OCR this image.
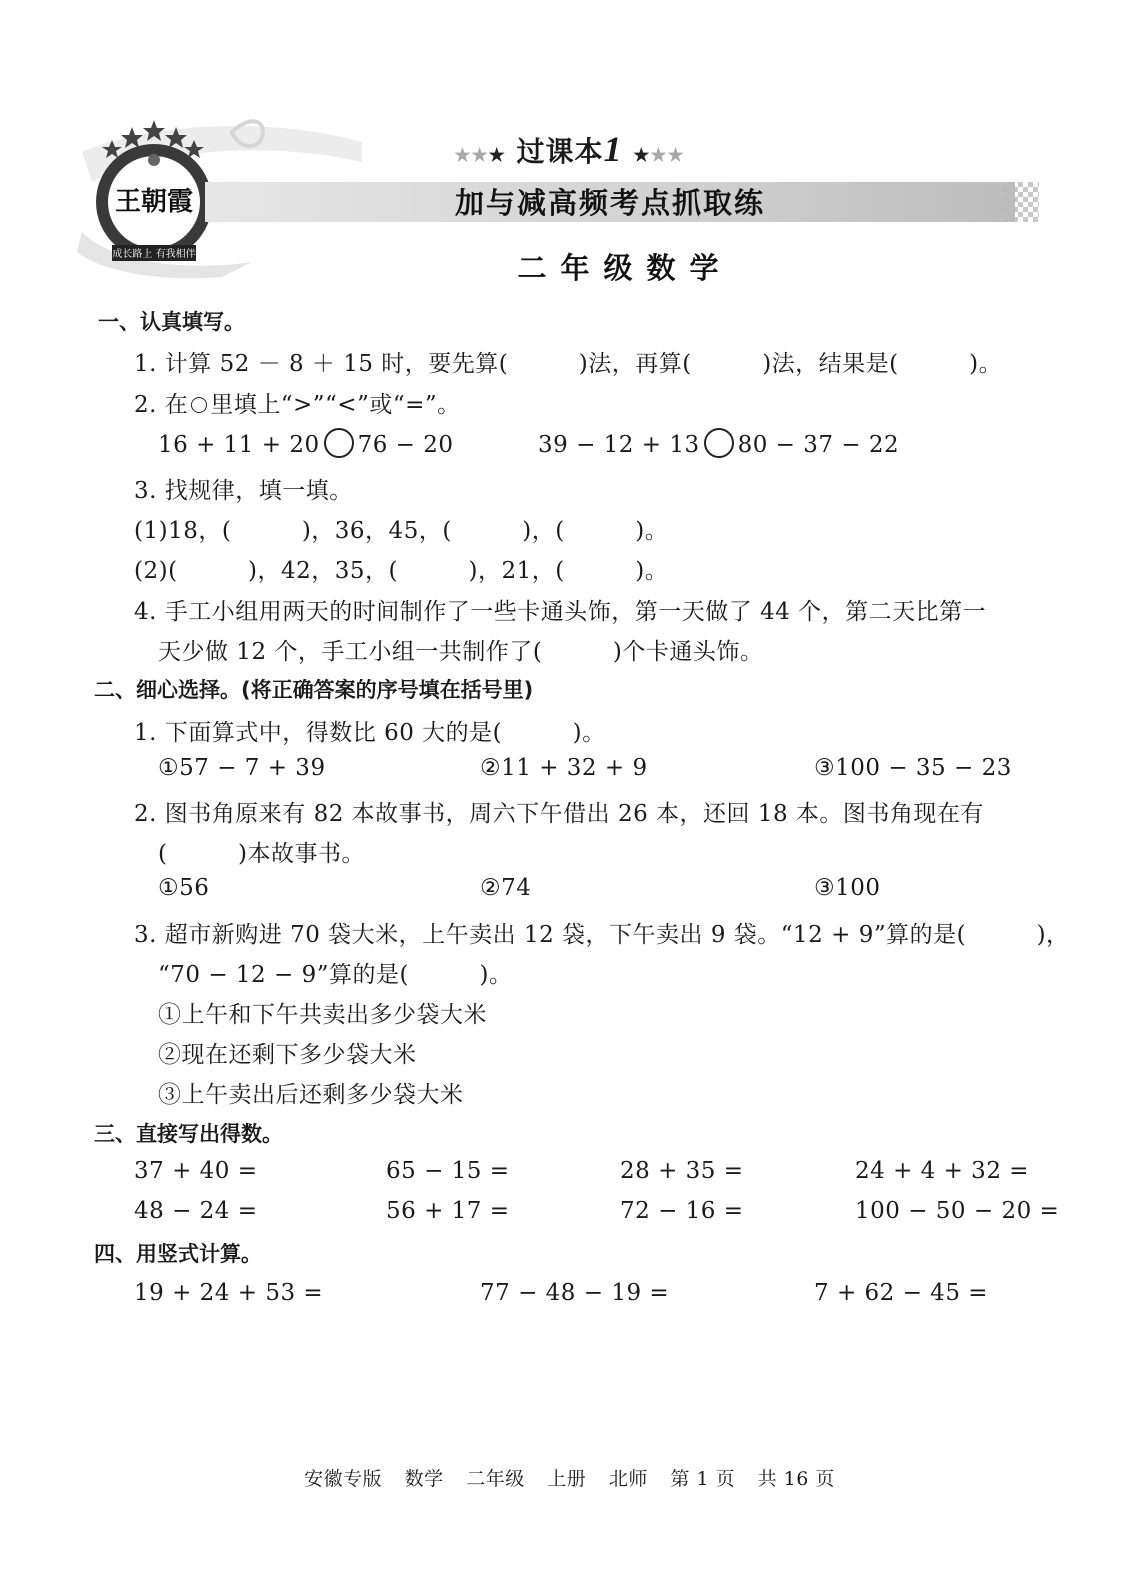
王朝霞
成长路上 有我相伴
★★★ 过课本1 ★★★
加与减高频考点抓取练
二年级数学
一、认真填写。
1. 计算 52 － 8 ＋ 15 时，要先算(　　　)法，再算(　　　)法，结果是(　　　)。
2. 在 里填上“>”“<”或“=”。
16 + 11 + 20 76 − 20	39 − 12 + 13 80 − 37 − 22
3. 找规律，填一填。
(1)18，(　　　)，36，45，(　　　)，(　　　)。
(2)(　　　)，42，35，(　　　)，21，(　　　)。
4. 手工小组用两天的时间制作了一些卡通头饰，第一天做了 44 个，第二天比第一
天少做 12 个，手工小组一共制作了(　　　)个卡通头饰。
二、细心选择。(将正确答案的序号填在括号里)
1. 下面算式中，得数比 60 大的是(　　　)。
①57 − 7 + 39	②11 + 32 + 9	③100 − 35 − 23
2. 图书角原来有 82 本故事书，周六下午借出 26 本，还回 18 本。图书角现在有
(　　　)本故事书。
①56	②74	③100
3. 超市新购进 70 袋大米，上午卖出 12 袋，下午卖出 9 袋。“12 + 9”算的是(　　　)，
“70 − 12 − 9”算的是(　　　)。
①上午和下午共卖出多少袋大米
②现在还剩下多少袋大米
③上午卖出后还剩多少袋大米
三、直接写出得数。
37 + 40 =	65 − 15 =	28 + 35 =	24 + 4 + 32 =
48 − 24 =	56 + 17 =	72 − 16 =	100 − 50 − 20 =
四、用竖式计算。
19 + 24 + 53 =	77 − 48 − 19 =	7 + 62 − 45 =
安徽专版 数学 二年级 上册 北师 第 1 页 共 16 页
